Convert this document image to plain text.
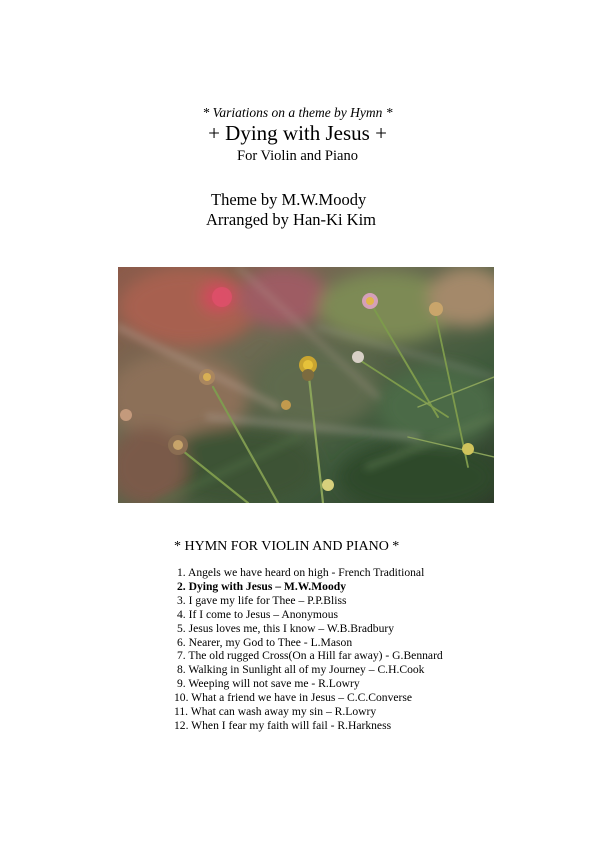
* Variations on a theme by Hymn *
+ Dying with Jesus +
For Violin and Piano
Theme by M.W.Moody
Arranged by Han-Ki Kim
* HYMN FOR VIOLIN AND PIANO *
1. Angels we have heard on high - French Traditional
2. Dying with Jesus – M.W.Moody
3. I gave my life for Thee – P.P.Bliss
4. If I come to Jesus – Anonymous
5. Jesus loves me, this I know – W.B.Bradbury
6. Nearer, my God to Thee - L.Mason
7. The old rugged Cross(On a Hill far away) - G.Bennard
8. Walking in Sunlight all of my Journey – C.H.Cook
9. Weeping will not save me - R.Lowry
10. What a friend we have in Jesus – C.C.Converse
11. What can wash away my sin – R.Lowry
12. When I fear my faith will fail - R.Harkness
